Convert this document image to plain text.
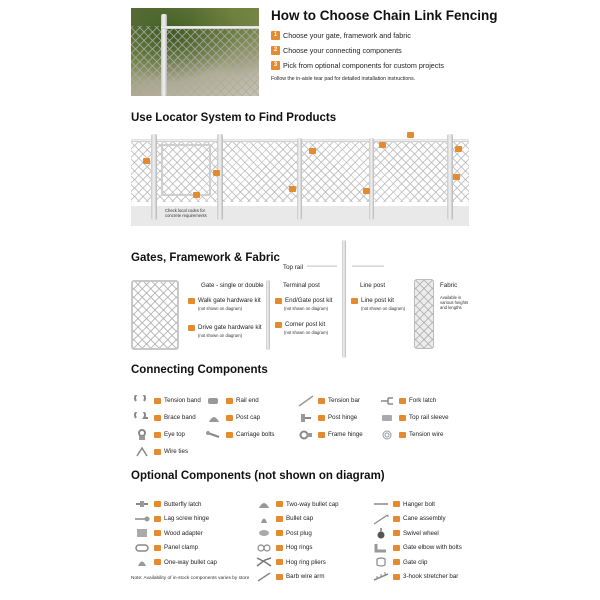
How to Choose Chain Link Fencing
1 Choose your gate, framework and fabric
2 Choose your connecting components
3 Pick from optional components for custom projects
Follow the in-aisle tear pad for detailed installation instructions.
Use Locator System to Find Products
Check local codes for concrete requirements
Gates, Framework & Fabric
Gate - single or double
Walk gate hardware kit
(not shown on diagram)
Drive gate hardware kit
(not shown on diagram)
Top rail
Terminal post
End/Gate post kit
(not shown on diagram)
Corner post kit
(not shown on diagram)
Line post
Line post kit
(not shown on diagram)
Fabric
Available in
various heights
and lengths
Connecting Components
Tension band
Brace band
Eye top
Wire ties
Rail end
Post cap
Carriage bolts
Tension bar
Post hinge
Frame hinge
Fork latch
Top rail sleeve
Tension wire
Optional Components (not shown on diagram)
Butterfly latch
Lag screw hinge
Wood adapter
Panel clamp
One-way bullet cap
Two-way bullet cap
Bullet cap
Post plug
Hog rings
Hog ring pliers
Barb wire arm
Hanger bolt
Cane assembly
Swivel wheel
Gate elbow with bolts
Gate clip
3-hook stretcher bar
Note: Availability of in-stock components varies by store
